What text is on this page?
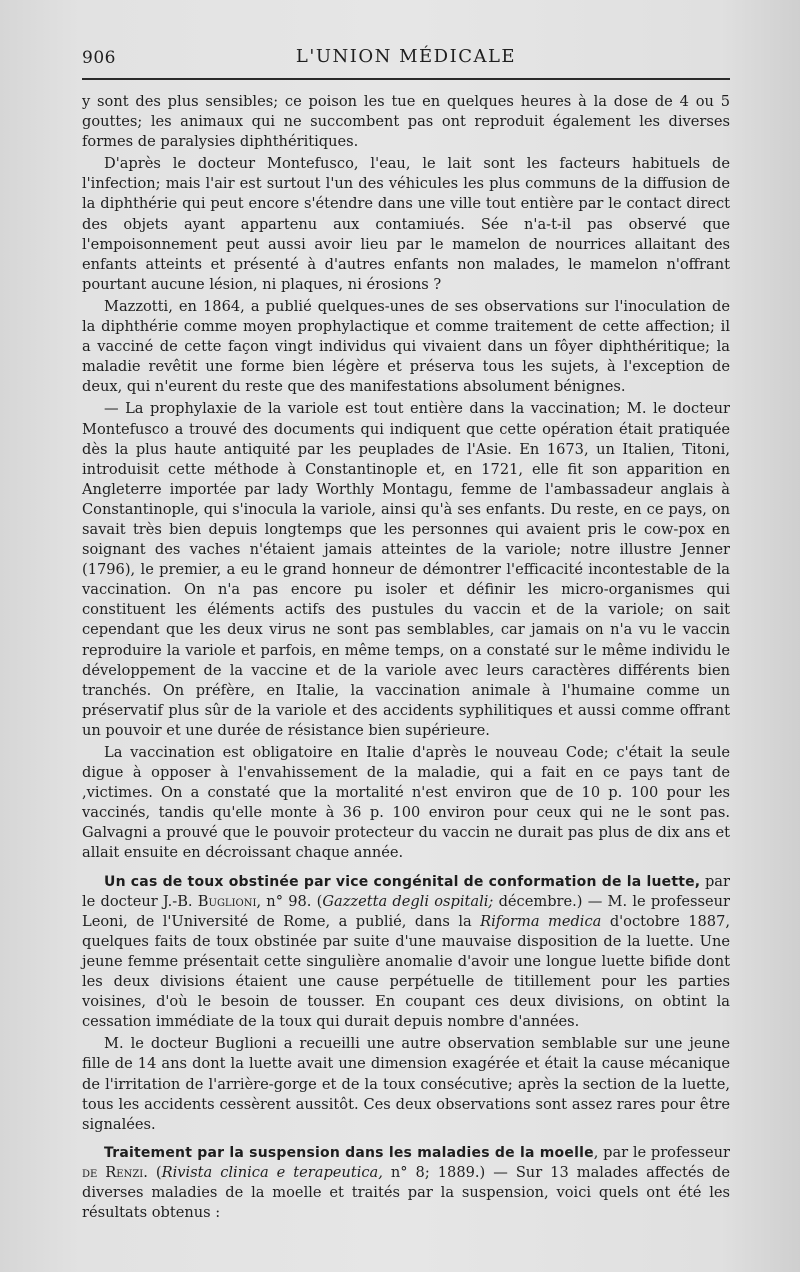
906	L'UNION MÉDICALE

y sont des plus sensibles; ce poison les tue en quelques heures à la dose de 4 ou 5 gouttes; les animaux qui ne succombent pas ont reproduit également les diverses formes de paralysies diphthéritiques.

D'après le docteur Montefusco, l'eau, le lait sont les facteurs habituels de l'infection; mais l'air est surtout l'un des véhicules les plus communs de la diffusion de la diphthérie qui peut encore s'étendre dans une ville tout entière par le contact direct des objets ayant appartenu aux contamiués. Sée n'a-t-il pas observé que l'empoisonnement peut aussi avoir lieu par le mamelon de nourrices allaitant des enfants atteints et présenté à d'autres enfants non malades, le mamelon n'offrant pourtant aucune lésion, ni plaques, ni érosions ?

Mazzotti, en 1864, a publié quelques-unes de ses observations sur l'inoculation de la diphthérie comme moyen prophylactique et comme traitement de cette affection; il a vacciné de cette façon vingt individus qui vivaient dans un fôyer diphthéritique; la maladie revêtit une forme bien légère et préserva tous les sujets, à l'exception de deux, qui n'eurent du reste que des manifestations absolument bénignes.

— La prophylaxie de la variole est tout entière dans la vaccination; M. le docteur Montefusco a trouvé des documents qui indiquent que cette opération était pratiquée dès la plus haute antiquité par les peuplades de l'Asie. En 1673, un Italien, Titoni, introduisit cette méthode à Constantinople et, en 1721, elle fit son apparition en Angleterre importée par lady Worthly Montagu, femme de l'ambassadeur anglais à Constantinople, qui s'inocula la variole, ainsi qu'à ses enfants. Du reste, en ce pays, on savait très bien depuis longtemps que les personnes qui avaient pris le cow-pox en soignant des vaches n'étaient jamais atteintes de la variole; notre illustre Jenner (1796), le premier, a eu le grand honneur de démontrer l'efficacité incontestable de la vaccination. On n'a pas encore pu isoler et définir les micro-organismes qui constituent les éléments actifs des pustules du vaccin et de la variole; on sait cependant que les deux virus ne sont pas semblables, car jamais on n'a vu le vaccin reproduire la variole et parfois, en même temps, on a constaté sur le même individu le développement de la vaccine et de la variole avec leurs caractères différents bien tranchés. On préfère, en Italie, la vaccination animale à l'humaine comme un préservatif plus sûr de la variole et des accidents syphilitiques et aussi comme offrant un pouvoir et une durée de résistance bien supérieure.

La vaccination est obligatoire en Italie d'après le nouveau Code; c'était la seule digue à opposer à l'envahissement de la maladie, qui a fait en ce pays tant de ,victimes. On a constaté que la mortalité n'est environ que de 10 p. 100 pour les vaccinés, tandis qu'elle monte à 36 p. 100 environ pour ceux qui ne le sont pas. Galvagni a prouvé que le pouvoir protecteur du vaccin ne durait pas plus de dix ans et allait ensuite en décroissant chaque année.

Un cas de toux obstinée par vice congénital de conformation de la luette, par le docteur J.-B. Buglioni, n° 98. (Gazzetta degli ospitali; décembre.) — M. le professeur Leoni, de l'Université de Rome, a publié, dans la Riforma medica d'octobre 1887, quelques faits de toux obstinée par suite d'une mauvaise disposition de la luette. Une jeune femme présentait cette singulière anomalie d'avoir une longue luette bifide dont les deux divisions étaient une cause perpétuelle de titillement pour les parties voisines, d'où le besoin de tousser. En coupant ces deux divisions, on obtint la cessation immédiate de la toux qui durait depuis nombre d'années.

M. le docteur Buglioni a recueilli une autre observation semblable sur une jeune fille de 14 ans dont la luette avait une dimension exagérée et était la cause mécanique de l'irritation de l'arrière-gorge et de la toux consécutive; après la section de la luette, tous les accidents cessèrent aussitôt. Ces deux observations sont assez rares pour être signalées.

Traitement par la suspension dans les maladies de la moelle, par le professeur de Renzi. (Rivista clinica e terapeutica, n° 8; 1889.) — Sur 13 malades affectés de diverses maladies de la moelle et traités par la suspension, voici quels ont été les résultats obtenus :
